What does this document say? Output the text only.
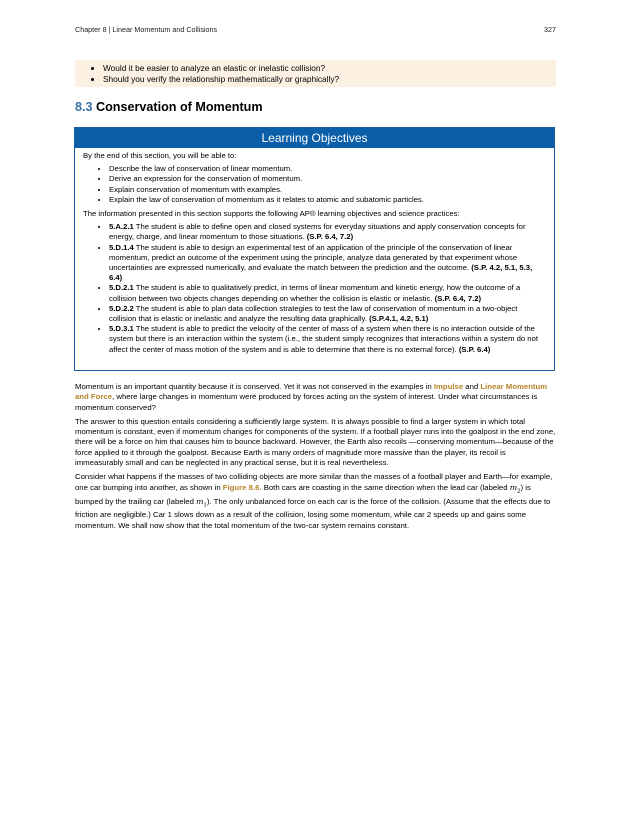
Chapter 8 | Linear Momentum and Collisions	327
• Would it be easier to analyze an elastic or inelastic collision?
• Should you verify the relationship mathematically or graphically?
8.3 Conservation of Momentum
Learning Objectives

By the end of this section, you will be able to:

• Describe the law of conservation of linear momentum.
• Derive an expression for the conservation of momentum.
• Explain conservation of momentum with examples.
• Explain the law of conservation of momentum as it relates to atomic and subatomic particles.

The information presented in this section supports the following AP® learning objectives and science practices:

• 5.A.2.1 The student is able to define open and closed systems for everyday situations and apply conservation concepts for energy, charge, and linear momentum to those situations. (S.P. 6.4, 7.2)
• 5.D.1.4 The student is able to design an experimental test of an application of the principle of the conservation of linear momentum, predict an outcome of the experiment using the principle, analyze data generated by that experiment whose uncertainties are expressed numerically, and evaluate the match between the prediction and the outcome. (S.P. 4.2, 5.1, 5.3, 6.4)
• 5.D.2.1 The student is able to qualitatively predict, in terms of linear momentum and kinetic energy, how the outcome of a collision between two objects changes depending on whether the collision is elastic or inelastic. (S.P. 6.4, 7.2)
• 5.D.2.2 The student is able to plan data collection strategies to test the law of conservation of momentum in a two-object collision that is elastic or inelastic and analyze the resulting data graphically. (S.P.4.1, 4.2, 5.1)
• 5.D.3.1 The student is able to predict the velocity of the center of mass of a system when there is no interaction outside of the system but there is an interaction within the system (i.e., the student simply recognizes that interactions within a system do not affect the center of mass motion of the system and is able to determine that there is no external force). (S.P. 6.4)

Momentum is an important quantity because it is conserved. Yet it was not conserved in the examples in Impulse and Linear Momentum and Force, where large changes in momentum were produced by forces acting on the system of interest. Under what circumstances is momentum conserved?

The answer to this question entails considering a sufficiently large system. It is always possible to find a larger system in which total momentum is constant, even if momentum changes for components of the system. If a football player runs into the goalpost in the end zone, there will be a force on him that causes him to bounce backward. However, the Earth also recoils —conserving momentum—because of the force applied to it through the goalpost. Because Earth is many orders of magnitude more massive than the player, its recoil is immeasurably small and can be neglected in any practical sense, but it is real nevertheless.

Consider what happens if the masses of two colliding objects are more similar than the masses of a football player and Earth—for example, one car bumping into another, as shown in Figure 8.6. Both cars are coasting in the same direction when the lead car (labeled $m_2$) is bumped by the trailing car (labeled $m_1$). The only unbalanced force on each car is the force of the collision. (Assume that the effects due to friction are negligible.) Car 1 slows down as a result of the collision, losing some momentum, while car 2 speeds up and gains some momentum. We shall now show that the total momentum of the two-car system remains constant.
